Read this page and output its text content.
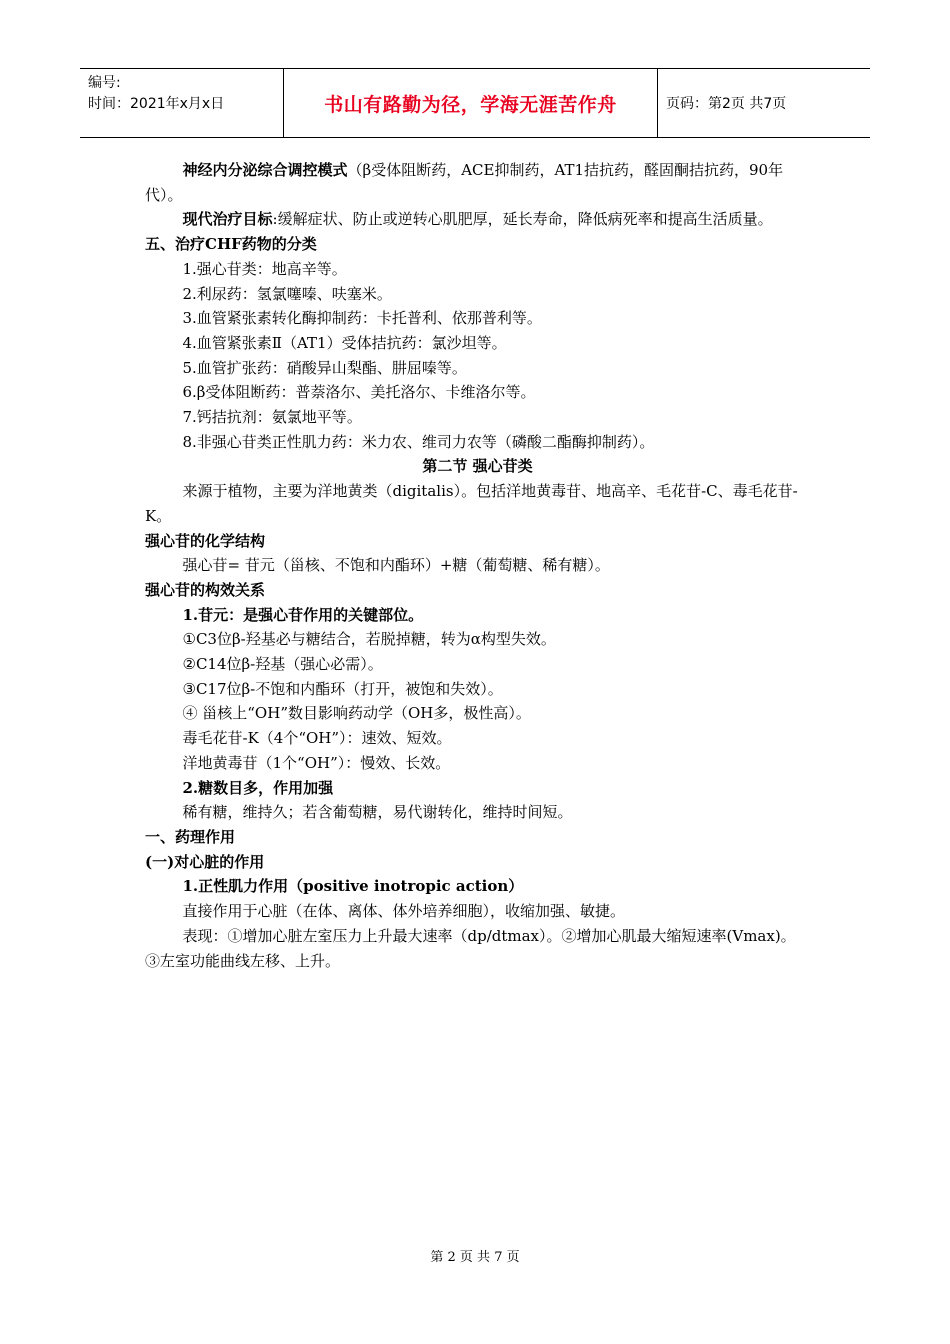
编号:
时间：2021年x月x日	书山有路勤为径，学海无涯苦作舟	页码：第2页 共7页

神经内分泌综合调控模式（β受体阻断药，ACE抑制药，AT1拮抗药，醛固酮拮抗药，90年代）。

现代治疗目标:缓解症状、防止或逆转心肌肥厚，延长寿命，降低病死率和提高生活质量。

五、治疗CHF药物的分类

1.强心苷类：地高辛等。

2.利尿药：氢氯噻嗪、呋塞米。

3.血管紧张素转化酶抑制药：卡托普利、依那普利等。

4.血管紧张素Ⅱ（AT1）受体拮抗药：氯沙坦等。

5.血管扩张药：硝酸异山梨酯、肼屈嗪等。

6.β受体阻断药：普萘洛尔、美托洛尔、卡维洛尔等。

7.钙拮抗剂：氨氯地平等。

8.非强心苷类正性肌力药：米力农、维司力农等（磷酸二酯酶抑制药）。

第二节 强心苷类

来源于植物，主要为洋地黄类（digitalis）。包括洋地黄毒苷、地高辛、毛花苷-C、毒毛花苷-K。

强心苷的化学结构

强心苷= 苷元（甾核、不饱和内酯环）+糖（葡萄糖、稀有糖）。

强心苷的构效关系

1.苷元：是强心苷作用的关键部位。

①C3位β-羟基必与糖结合，若脱掉糖，转为α构型失效。

②C14位β-羟基（强心必需）。

③C17位β-不饱和内酯环（打开，被饱和失效）。

④ 甾核上“OH”数目影响药动学（OH多，极性高）。

毒毛花苷-K（4个“OH”）：速效、短效。

洋地黄毒苷（1个“OH”）：慢效、长效。

2.糖数目多，作用加强

稀有糖，维持久；若含葡萄糖，易代谢转化，维持时间短。

一、药理作用

(一)对心脏的作用

1.正性肌力作用（positive inotropic action）

直接作用于心脏（在体、离体、体外培养细胞），收缩加强、敏捷。

表现：①增加心脏左室压力上升最大速率（dp/dtmax）。②增加心肌最大缩短速率(Vmax)。③左室功能曲线左移、上升。

第 2 页 共 7 页
